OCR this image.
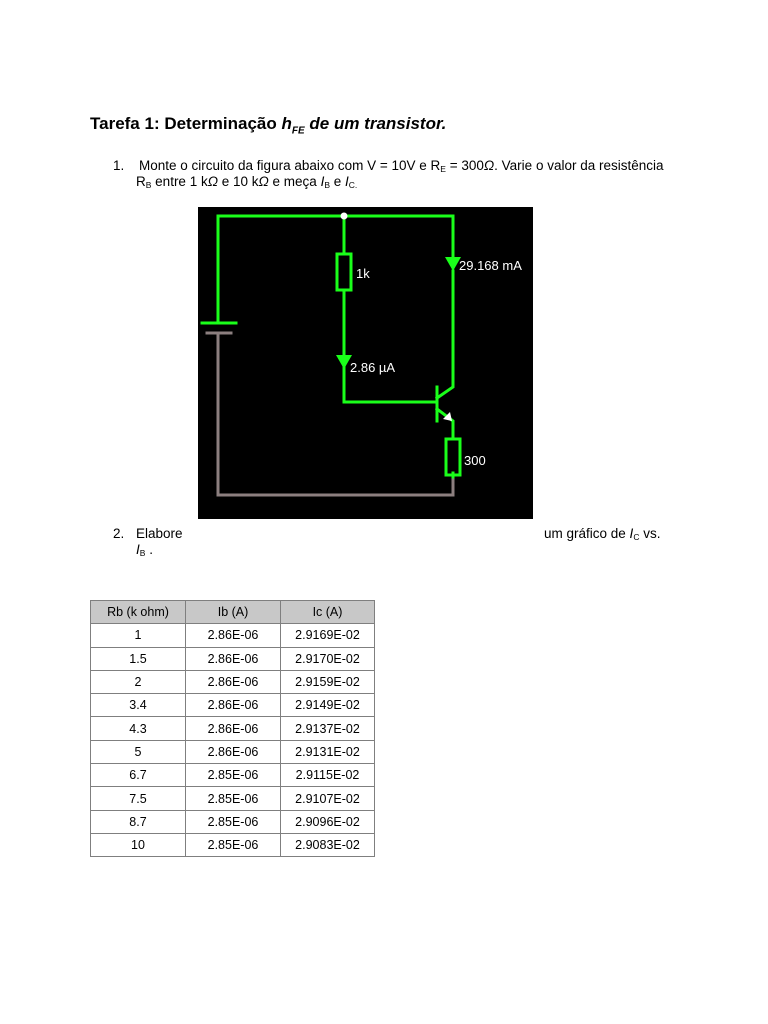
Tarefa 1: Determinação $h_{FE}$ de um transistor.
1. Monte o circuito da figura abaixo com V = 10V e $R_E = 300\Omega$. Varie o valor da resistência
$R_B$ entre 1 kΩ e 10 kΩ e meça $I_B$ e $I_{C.}$
1k
29.168 mA
2.86 µA
300
2. Elabore	um gráfico de $I_C$ vs.
$I_B$ .
Rb (k ohm)	Ib (A)	Ic (A)
1	2.86E-06	2.9169E-02
1.5	2.86E-06	2.9170E-02
2	2.86E-06	2.9159E-02
3.4	2.86E-06	2.9149E-02
4.3	2.86E-06	2.9137E-02
5	2.86E-06	2.9131E-02
6.7	2.85E-06	2.9115E-02
7.5	2.85E-06	2.9107E-02
8.7	2.85E-06	2.9096E-02
10	2.85E-06	2.9083E-02
